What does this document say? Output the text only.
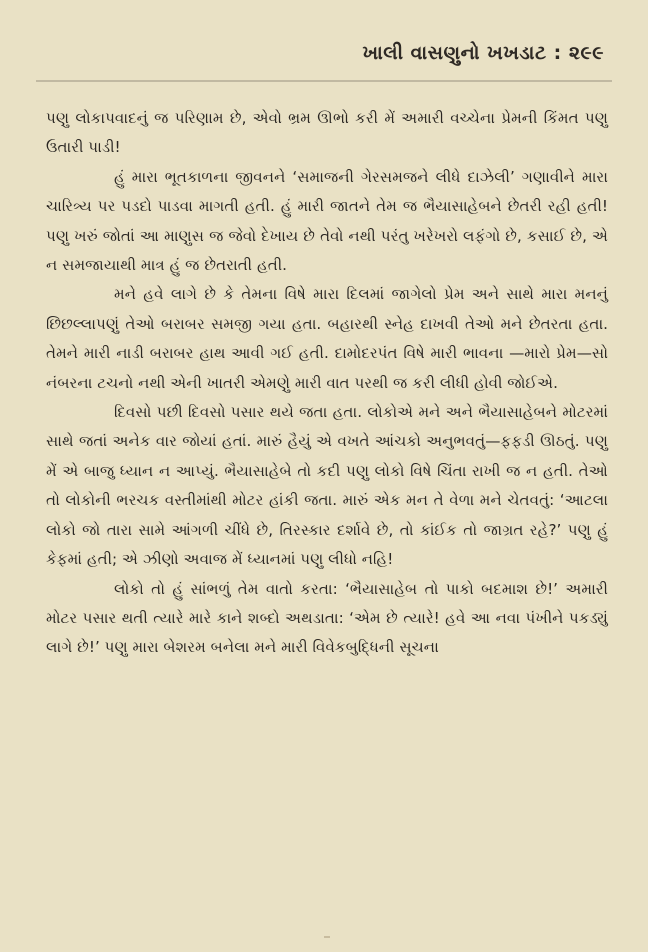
ખાલી વાસણુનો ખખડાટ : ૨૯૯

પણુ લોકાપવાદનું જ પરિણામ છે, એવો ભ્રમ ઊભો કરી મેં અમારી વચ્ચેના પ્રેમની કિંમત પણુ ઉતારી પાડી!

હું મારા ભૂતકાળના જીવનને ‘સમાજની ગેરસમજને લીધે દાઝેલી’ ગણાવીને મારા ચારિત્ર્ય પર પડદો પાડવા માગતી હતી. હું મારી જાતને તેમ જ ભૈયાસાહેબને છેતરી રહી હતી! પણુ ખરું જોતાં આ માણુસ જ જેવો દેખાય છે તેવો નથી પરંતુ ખરેખરો લફંગો છે, કસાઈ છે, એ ન સમજાયાથી માત્ર હું જ છેતરાતી હતી.

મને હવે લાગે છે કે તેમના વિષે મારા દિલમાં જાગેલો પ્રેમ અને સાથે મારા મનનું છિછલ્લાપણું તેઓ બરાબર સમજી ગયા હતા. બહારથી સ્નેહ દાખવી તેઓ મને છેતરતા હતા. તેમને મારી નાડી બરાબર હાથ આવી ગઈ હતી. દામોદરપંત વિષે મારી ભાવના —મારો પ્રેમ—સો નંબરના ટચનો નથી એની ખાતરી એમણુે મારી વાત પરથી જ કરી લીધી હોવી જોઈએ.

દિવસો પછી દિવસો પસાર થયે જતા હતા. લોકોએ મને અને ભૈયાસાહેબને મોટરમાં સાથે જતાં અનેક વાર જોયાં હતાં. મારું હૈયું એ વખતે આંચકો અનુભવતું—ફફડી ઊઠતું. પણુ મેં એ બાજુ ધ્યાન ન આપ્યું. ભૈયાસાહેબે તો કદી પણુ લોકો વિષે ચિંતા રાખી જ ન હતી. તેઓ તો લોકોની ભરચક વસ્તીમાંથી મોટર હાંકી જતા. મારું એક મન તે વેળા મને ચેતવતું: ‘આટલા લોકો જો તારા સામે આંગળી ચીંધે છે, તિરસ્કાર દર્શાવે છે, તો કાંઈક તો જાગ્રત રહે?’ પણુ હું કેફમાં હતી; એ ઝીણો અવાજ મેં ધ્યાનમાં પણુ લીધો નહિ!

લોકો તો હું સાંભળું તેમ વાતો કરતા: ‘ભૈયાસાહેબ તો પાકો બદમાશ છે!’ અમારી મોટર પસાર થતી ત્યારે મારે કાને શબ્દો અથડાતા: ‘એમ છે ત્યારે! હવે આ નવા પંખીને પકડ્યું લાગે છે!’ પણુ મારા બેશરમ બનેલા મને મારી વિવેકબુદ્ધિની સૂચના
